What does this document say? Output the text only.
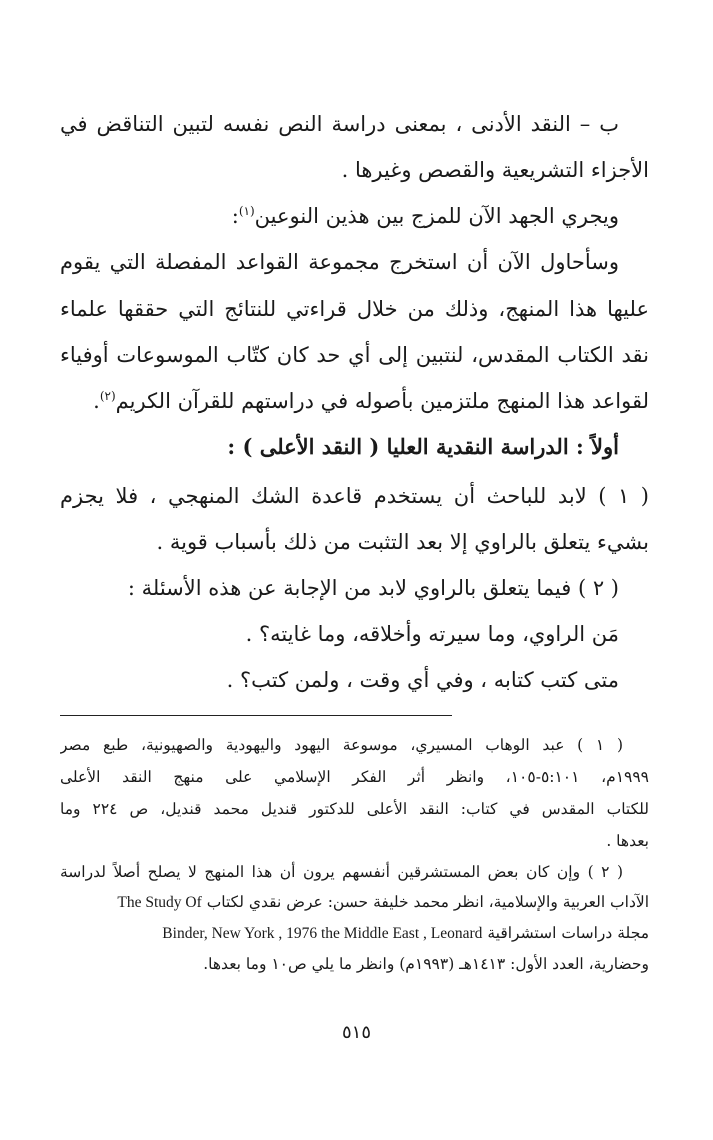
ب – النقد الأدنى ، بمعنى دراسة النص نفسه لتبين التناقض في
الأجزاء التشريعية والقصص وغيرها .
ويجري الجهد الآن للمزج بين هذين النوعين$^{(١)}$:
وسأحاول الآن أن استخرج مجموعة القواعد المفصلة التي يقوم
عليها هذا المنهج، وذلك من خلال قراءتي للنتائج التي حققها علماء
نقد الكتاب المقدس، لنتبين إلى أي حد كان كتّاب الموسوعات أوفياء
لقواعد هذا المنهج ملتزمين بأصوله في دراستهم للقرآن الكريم$^{(٢)}$.
أولاً : الدراسة النقدية العليا ( النقد الأعلى ) :
( ١ ) لابد للباحث أن يستخدم قاعدة الشك المنهجي ، فلا يجزم
بشيء يتعلق بالراوي إلا بعد التثبت من ذلك بأسباب قوية .
( ٢ ) فيما يتعلق بالراوي لابد من الإجابة عن هذه الأسئلة :
مَن الراوي، وما سيرته وأخلاقه، وما غايته؟ .
متى كتب كتابه ، وفي أي وقت ، ولمن كتب؟ .
( ١ ) عبد الوهاب المسيري، موسوعة اليهود واليهودية والصهيونية، طبع مصر
١٩٩٩م، ٥:١٠١-١٠٥، وانظر أثر الفكر الإسلامي على منهج النقد الأعلى
للكتاب المقدس في كتاب: النقد الأعلى للدكتور قنديل محمد قنديل، ص ٢٢٤ وما
بعدها .
( ٢ ) وإن كان بعض المستشرقين أنفسهم يرون أن هذا المنهج لا يصلح أصلاً لدراسة
الآداب العربية والإسلامية، انظر محمد خليفة حسن: عرض نقدي لكتاب The Study Of
مجلة دراسات استشراقية Binder, New York , 1976 the Middle East , Leonard
وحضارية، العدد الأول: ١٤١٣هـ (١٩٩٣م) وانظر ما يلي ص١٠ وما بعدها.
٥١٥
